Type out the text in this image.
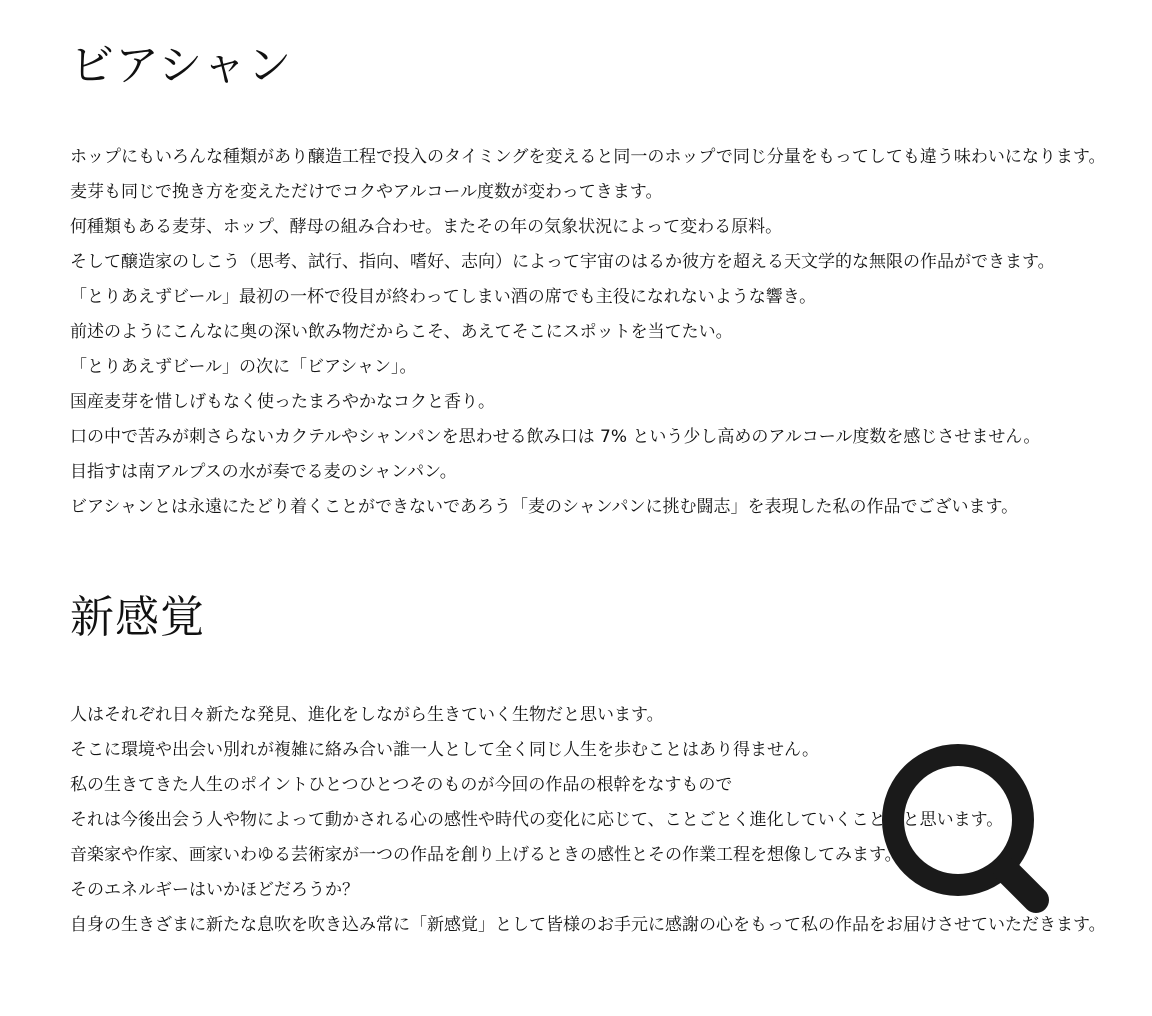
ビアシャン

ホップにもいろんな種類があり醸造工程で投入のタイミングを変えると同一のホップで同じ分量をもってしても違う味わいになります。

麦芽も同じで挽き方を変えただけでコクやアルコール度数が変わってきます。

何種類もある麦芽、ホップ、酵母の組み合わせ。またその年の気象状況によって変わる原料。

そして醸造家のしこう（思考、試行、指向、嗜好、志向）によって宇宙のはるか彼方を超える天文学的な無限の作品ができます。

「とりあえずビール」最初の一杯で役目が終わってしまい酒の席でも主役になれないような響き。

前述のようにこんなに奥の深い飲み物だからこそ、あえてそこにスポットを当てたい。

「とりあえずビール」の次に「ビアシャン」。

国産麦芽を惜しげもなく使ったまろやかなコクと香り。

口の中で苦みが刺さらないカクテルやシャンパンを思わせる飲み口は 7% という少し高めのアルコール度数を感じさせません。

目指すは南アルプスの水が奏でる麦のシャンパン。

ビアシャンとは永遠にたどり着くことができないであろう「麦のシャンパンに挑む闘志」を表現した私の作品でございます。

新感覚

人はそれぞれ日々新たな発見、進化をしながら生きていく生物だと思います。

そこに環境や出会い別れが複雑に絡み合い誰一人として全く同じ人生を歩むことはあり得ません。

私の生きてきた人生のポイントひとつひとつそのものが今回の作品の根幹をなすもので

それは今後出会う人や物によって動かされる心の感性や時代の変化に応じて、ことごとく進化していくことだと思います。

音楽家や作家、画家いわゆる芸術家が一つの作品を創り上げるときの感性とその作業工程を想像してみます。

そのエネルギーはいかほどだろうか？

自身の生きざまに新たな息吹を吹き込み常に「新感覚」として皆様のお手元に感謝の心をもって私の作品をお届けさせていただきます。
